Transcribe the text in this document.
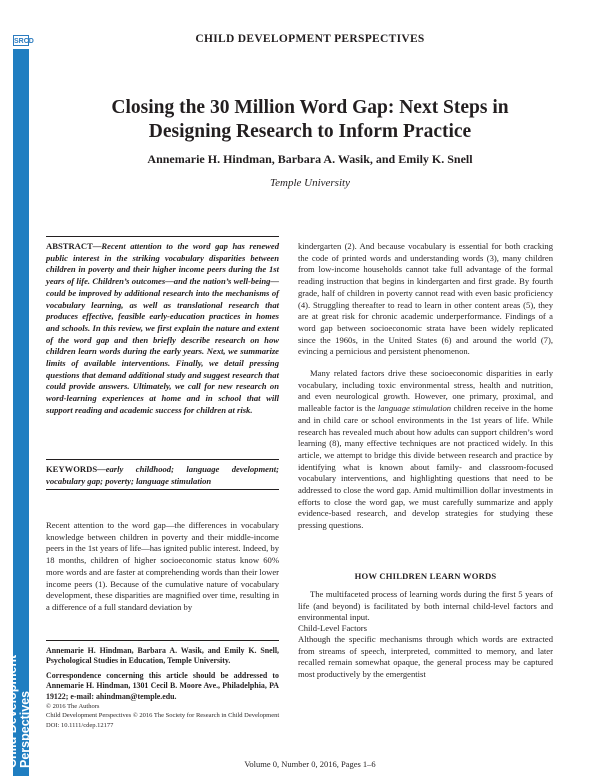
SRCD
Child Development
Perspectives
CHILD DEVELOPMENT PERSPECTIVES
Closing the 30 Million Word Gap: Next Steps in
Designing Research to Inform Practice
Annemarie H. Hindman, Barbara A. Wasik, and Emily K. Snell
Temple University
ABSTRACT—Recent attention to the word gap has renewed public interest in the striking vocabulary disparities between children in poverty and their higher income peers during the 1st years of life. Children’s outcomes—and the nation’s well-being—could be improved by additional research into the mechanisms of vocabulary learning, as well as translational research that produces effective, feasible early-education practices in homes and schools. In this review, we first explain the nature and extent of the word gap and then briefly describe research on how children learn words during the early years. Next, we summarize limits of available interventions. Finally, we detail pressing questions that demand additional study and suggest research that could provide answers. Ultimately, we call for new research on word-learning experiences at home and in school that will support reading and academic success for children at risk.
KEYWORDS—early childhood; language development; vocabulary gap; poverty; language stimulation
Recent attention to the word gap—the differences in vocabulary knowledge between children in poverty and their middle-income peers in the 1st years of life—has ignited public interest. Indeed, by 18 months, children of higher socioeconomic status know 60% more words and are faster at comprehending words than their lower income peers (1). Because of the cumulative nature of vocabulary development, these disparities are magnified over time, resulting in a difference of a full standard deviation by
Annemarie H. Hindman, Barbara A. Wasik, and Emily K. Snell, Psychological Studies in Education, Temple University.
Correspondence concerning this article should be addressed to Annemarie H. Hindman, 1301 Cecil B. Moore Ave., Philadelphia, PA 19122; e-mail: ahindman@temple.edu.
© 2016 The Authors
Child Development Perspectives © 2016 The Society for Research in Child Development
DOI: 10.1111/cdep.12177
kindergarten (2). And because vocabulary is essential for both cracking the code of printed words and understanding words (3), many children from low-income households cannot take full advantage of the formal reading instruction that begins in kindergarten and first grade. By fourth grade, half of children in poverty cannot read with even basic proficiency (4). Struggling thereafter to read to learn in other content areas (5), they are at great risk for chronic academic underperformance. Findings of a word gap between socioeconomic strata have been widely replicated since the 1960s, in the United States (6) and around the world (7), evincing a pernicious and persistent phenomenon.
Many related factors drive these socioeconomic disparities in early vocabulary, including toxic environmental stress, health and nutrition, and even neurological growth. However, one primary, proximal, and malleable factor is the language stimulation children receive in the home and in child care or school environments in the 1st years of life. While research has revealed much about how adults can support children’s word learning (8), many effective techniques are not practiced widely. In this article, we attempt to bridge this divide between research and practice by identifying what is known about family- and classroom-focused vocabulary interventions, and highlighting questions that need to be addressed to close the word gap. Amid multimillion dollar investments in efforts to close the word gap, we must carefully summarize and apply evidence-based research, and develop strategies for studying these pressing questions.
HOW CHILDREN LEARN WORDS
The multifaceted process of learning words during the first 5 years of life (and beyond) is facilitated by both internal child-level factors and environmental input.
Child-Level Factors
Although the specific mechanisms through which words are extracted from streams of speech, interpreted, committed to memory, and later recalled remain somewhat opaque, the general process may be captured most productively by the emergentist
Volume 0, Number 0, 2016, Pages 1–6
